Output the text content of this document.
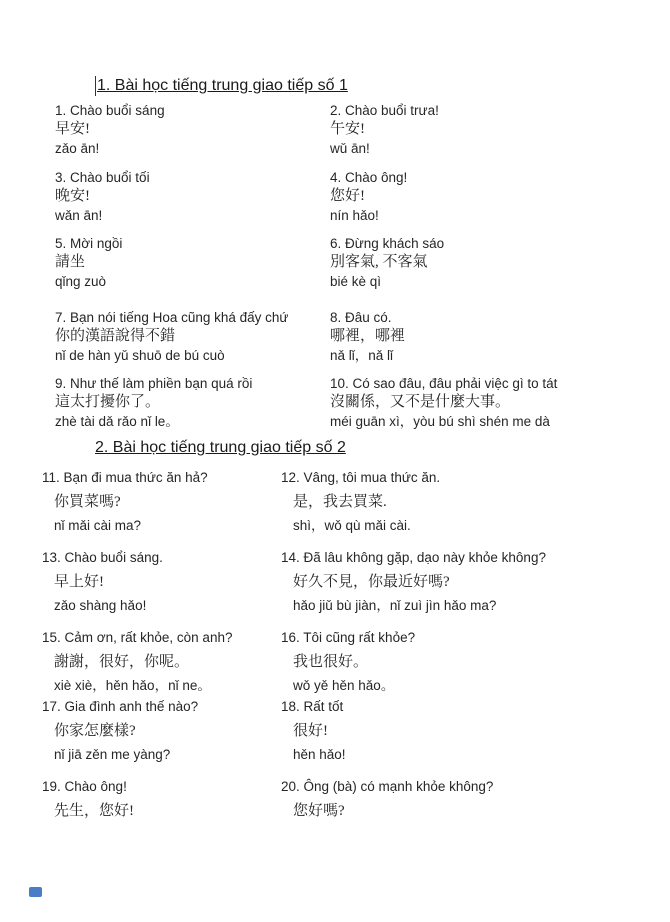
1. Bài học tiếng trung giao tiếp số 1
1. Chào buổi sáng
早安!
zǎo ān!
2. Chào buổi trưa!
午安!
wǔ ān!
3. Chào buổi tối
晚安!
wǎn ān!
4. Chào ông!
您好!
nín hǎo!
5. Mời ngồi
請坐
qǐng zuò
6. Đừng khách sáo
別客氣, 不客氣
bié kè qì
7. Bạn nói tiếng Hoa cũng khá đấy chứ
你的漢語說得不錯
nǐ de hàn yǔ shuō de bú cuò
8. Đâu có.
哪裡，哪裡
nǎ lǐ，nǎ lǐ
9. Như thế làm phiền bạn quá rồi
這太打擾你了。
zhè tài dǎ rǎo nǐ le。
10. Có sao đâu, đâu phải việc gì to tát
沒關係，又不是什麼大事。
méi guān xì，yòu bú shì shén me dà
2. Bài học tiếng trung giao tiếp số 2
11. Bạn đi mua thức ăn hả?
你買菜嗎?
nǐ mǎi cài ma?
12. Vâng, tôi mua thức ăn.
是，我去買菜.
shì，wǒ qù mǎi cài.
13. Chào buổi sáng.
早上好!
zǎo shàng hǎo!
14. Đã lâu không gặp, dạo này khỏe không?
好久不見，你最近好嗎?
hǎo jiǔ bù jiàn，nǐ zuì jìn hǎo ma?
15. Cảm ơn, rất khỏe, còn anh?
謝謝，很好，你呢。
xiè xiè，hěn hǎo，nǐ ne。
16. Tôi cũng rất khỏe?
我也很好。
wǒ yě hěn hǎo。
17. Gia đình anh thế nào?
你家怎麼樣?
nǐ jiā zěn me yàng?
18. Rất tốt
很好!
hěn hǎo!
19. Chào ông!
先生，您好!
20. Ông (bà) có mạnh khỏe không?
您好嗎?
